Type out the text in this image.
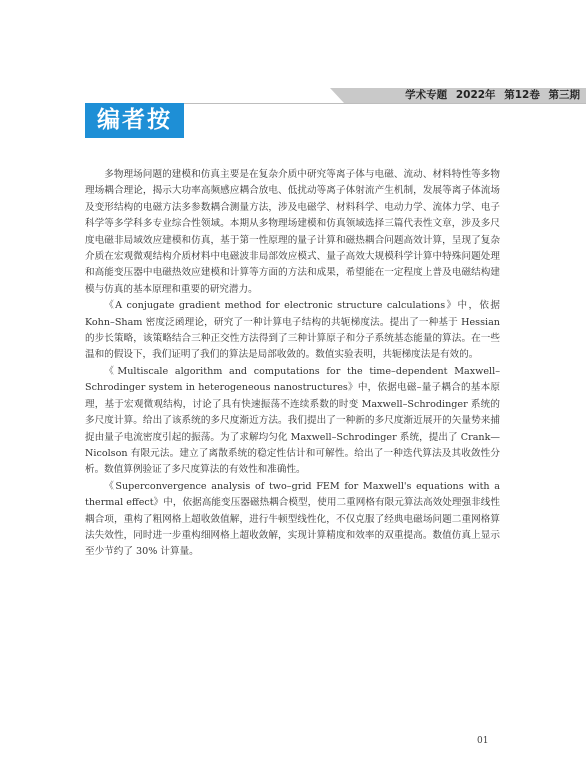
学术专题 2022年 第12卷 第三期
编者按

多物理场问题的建模和仿真主要是在复杂介质中研究等离子体与电磁、流动、材料特性等多物理场耦合理论，揭示大功率高频感应耦合放电、低扰动等离子体射流产生机制，发展等离子体流场及变形结构的电磁方法多参数耦合测量方法，涉及电磁学、材料科学、电动力学、流体力学、电子科学等多学科多专业综合性领域。本期从多物理场建模和仿真领域选择三篇代表性文章，涉及多尺度电磁非局域效应建模和仿真，基于第一性原理的量子计算和磁热耦合问题高效计算，呈现了复杂介质在宏观微观结构介质材料中电磁波非局部效应模式、量子高效大规模科学计算中特殊问题处理和高能变压器中电磁热效应建模和计算等方面的方法和成果，希望能在一定程度上普及电磁结构建模与仿真的基本原理和重要的研究潜力。

《A conjugate gradient method for electronic structure calculations》中，依据 Kohn–Sham 密度泛函理论，研究了一种计算电子结构的共轭梯度法。提出了一种基于 Hessian 的步长策略，该策略结合三种正交性方法得到了三种计算原子和分子系统基态能量的算法。在一些温和的假设下，我们证明了我们的算法是局部收敛的。数值实验表明，共轭梯度法是有效的。

《Multiscale algorithm and computations for the time–dependent Maxwell–Schrodinger system in heterogeneous nanostructures》中，依据电磁–量子耦合的基本原理，基于宏观微观结构，讨论了具有快速振荡不连续系数的时变 Maxwell–Schrodinger 系统的多尺度计算。给出了该系统的多尺度渐近方法。我们提出了一种新的多尺度渐近展开的矢量势来捕捉由量子电流密度引起的振荡。为了求解均匀化 Maxwell–Schrodinger 系统，提出了 Crank—Nicolson 有限元法。建立了离散系统的稳定性估计和可解性。给出了一种迭代算法及其收敛性分析。数值算例验证了多尺度算法的有效性和准确性。

《Superconvergence analysis of two–grid FEM for Maxwell's equations with a thermal effect》中，依据高能变压器磁热耦合模型，使用二重网格有限元算法高效处理强非线性耦合项，重构了粗网格上超收敛值解，进行牛顿型线性化，不仅克服了经典电磁场问题二重网格算法失效性，同时进一步重构细网格上超收敛解，实现计算精度和效率的双重提高。数值仿真上显示至少节约了 30% 计算量。

01
